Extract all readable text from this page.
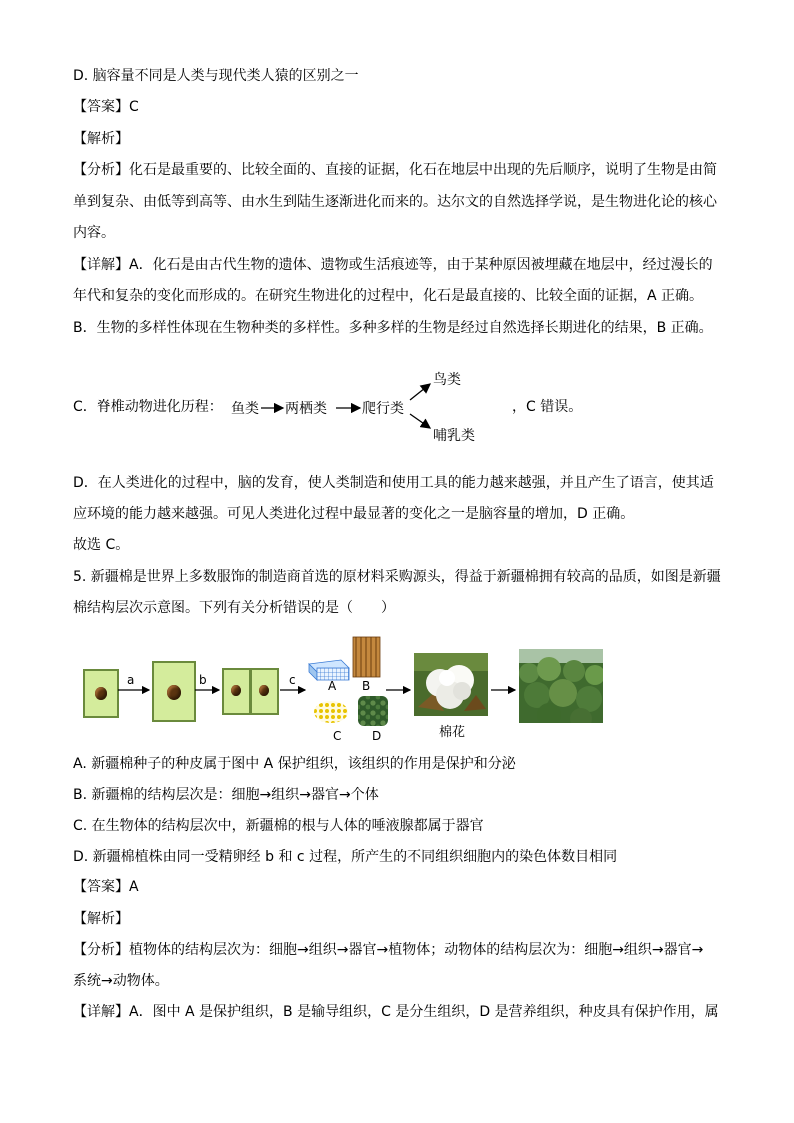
D. 脑容量不同是人类与现代类人猿的区别之一
【答案】C
【解析】
【分析】化石是最重要的、比较全面的、直接的证据，化石在地层中出现的先后顺序，说明了生物是由简
单到复杂、由低等到高等、由水生到陆生逐渐进化而来的。达尔文的自然选择学说，是生物进化论的核心
内容。
【详解】A．化石是由古代生物的遗体、遗物或生活痕迹等，由于某种原因被埋藏在地层中，经过漫长的
年代和复杂的变化而形成的。在研究生物进化的过程中，化石是最直接的、比较全面的证据，A 正确。
B．生物的多样性体现在生物种类的多样性。多种多样的生物是经过自然选择长期进化的结果，B 正确。
C．脊椎动物进化历程： 鱼类 两栖类	爬行类
鸟类
哺乳类
，C 错误。
D．在人类进化的过程中，脑的发育，使人类制造和使用工具的能力越来越强，并且产生了语言，使其适
应环境的能力越来越强。可见人类进化过程中最显著的变化之一是脑容量的增加，D 正确。
故选 C。
5. 新疆棉是世界上多数服饰的制造商首选的原材料采购源头，得益于新疆棉拥有较高的品质，如图是新疆
棉结构层次示意图。下列有关分析错误的是（　　）
a	b	c	A B
C	D	棉花
A. 新疆棉种子的种皮属于图中 A 保护组织，该组织的作用是保护和分泌
B. 新疆棉的结构层次是：细胞→组织→器官→个体
C. 在生物体的结构层次中，新疆棉的根与人体的唾液腺都属于器官
D. 新疆棉植株由同一受精卵经 b 和 c 过程，所产生的不同组织细胞内的染色体数目相同
【答案】A
【解析】
【分析】植物体的结构层次为：细胞→组织→器官→植物体；动物体的结构层次为：细胞→组织→器官→
系统→动物体。
【详解】A．图中 A 是保护组织，B 是输导组织，C 是分生组织，D 是营养组织，种皮具有保护作用，属
